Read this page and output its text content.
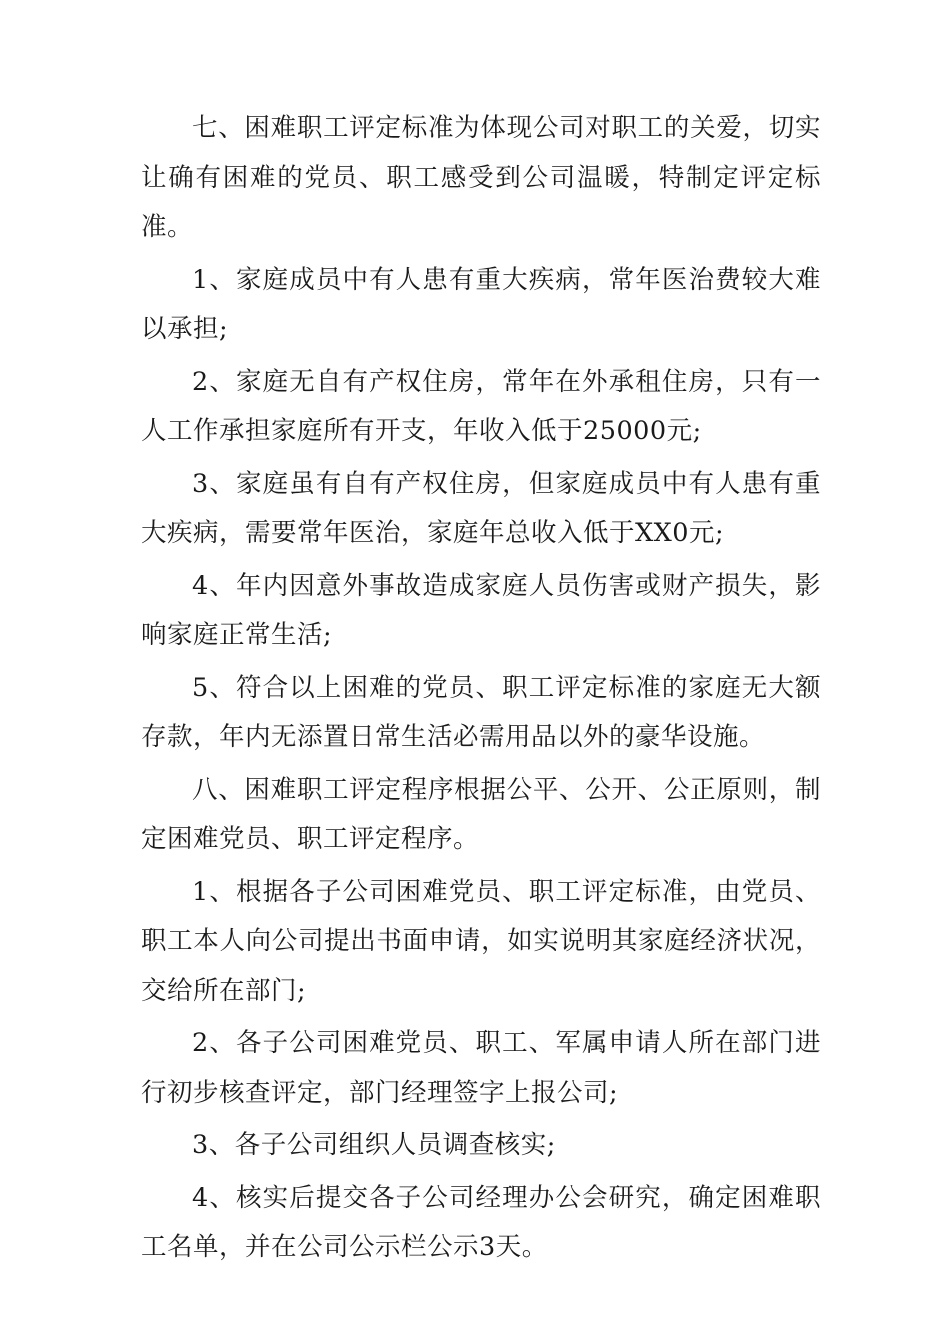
七、困难职工评定标准为体现公司对职工的关爱，切实让确有困难的党员、职工感受到公司温暖，特制定评定标准。

1、家庭成员中有人患有重大疾病，常年医治费较大难以承担;

2、家庭无自有产权住房，常年在外承租住房，只有一人工作承担家庭所有开支，年收入低于25000元;

3、家庭虽有自有产权住房，但家庭成员中有人患有重大疾病，需要常年医治，家庭年总收入低于XX0元;

4、年内因意外事故造成家庭人员伤害或财产损失，影响家庭正常生活;

5、符合以上困难的党员、职工评定标准的家庭无大额存款，年内无添置日常生活必需用品以外的豪华设施。

八、困难职工评定程序根据公平、公开、公正原则，制定困难党员、职工评定程序。

1、根据各子公司困难党员、职工评定标准，由党员、职工本人向公司提出书面申请，如实说明其家庭经济状况，交给所在部门;

2、各子公司困难党员、职工、军属申请人所在部门进行初步核查评定，部门经理签字上报公司;

3、各子公司组织人员调查核实;

4、核实后提交各子公司经理办公会研究，确定困难职工名单，并在公司公示栏公示3天。
